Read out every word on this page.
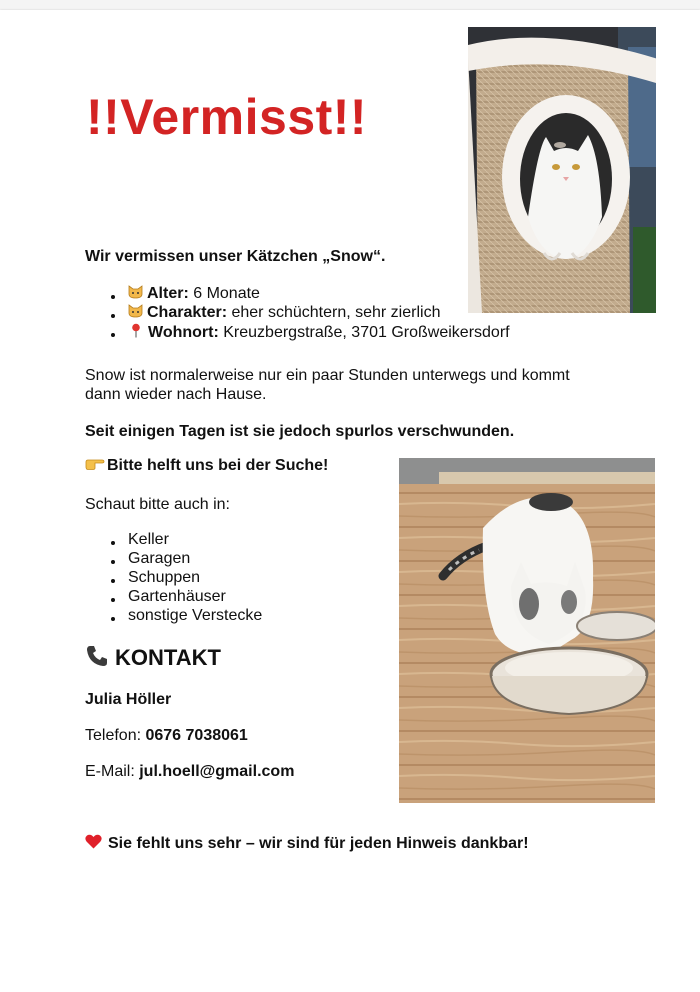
!!Vermisst!!
Wir vermissen unser Kätzchen „Snow“.
Alter: 6 Monate
Charakter: eher schüchtern, sehr zierlich
Wohnort: Kreuzbergstraße, 3701 Großweikersdorf
Snow ist normalerweise nur ein paar Stunden unterwegs und kommt
dann wieder nach Hause.
Seit einigen Tagen ist sie jedoch spurlos verschwunden.
Bitte helft uns bei der Suche!
Schaut bitte auch in:
Keller
Garagen
Schuppen
Gartenhäuser
sonstige Verstecke
KONTAKT
Julia Höller
Telefon: 0676 7038061
E-Mail: jul.hoell@gmail.com
Sie fehlt uns sehr – wir sind für jeden Hinweis dankbar!
